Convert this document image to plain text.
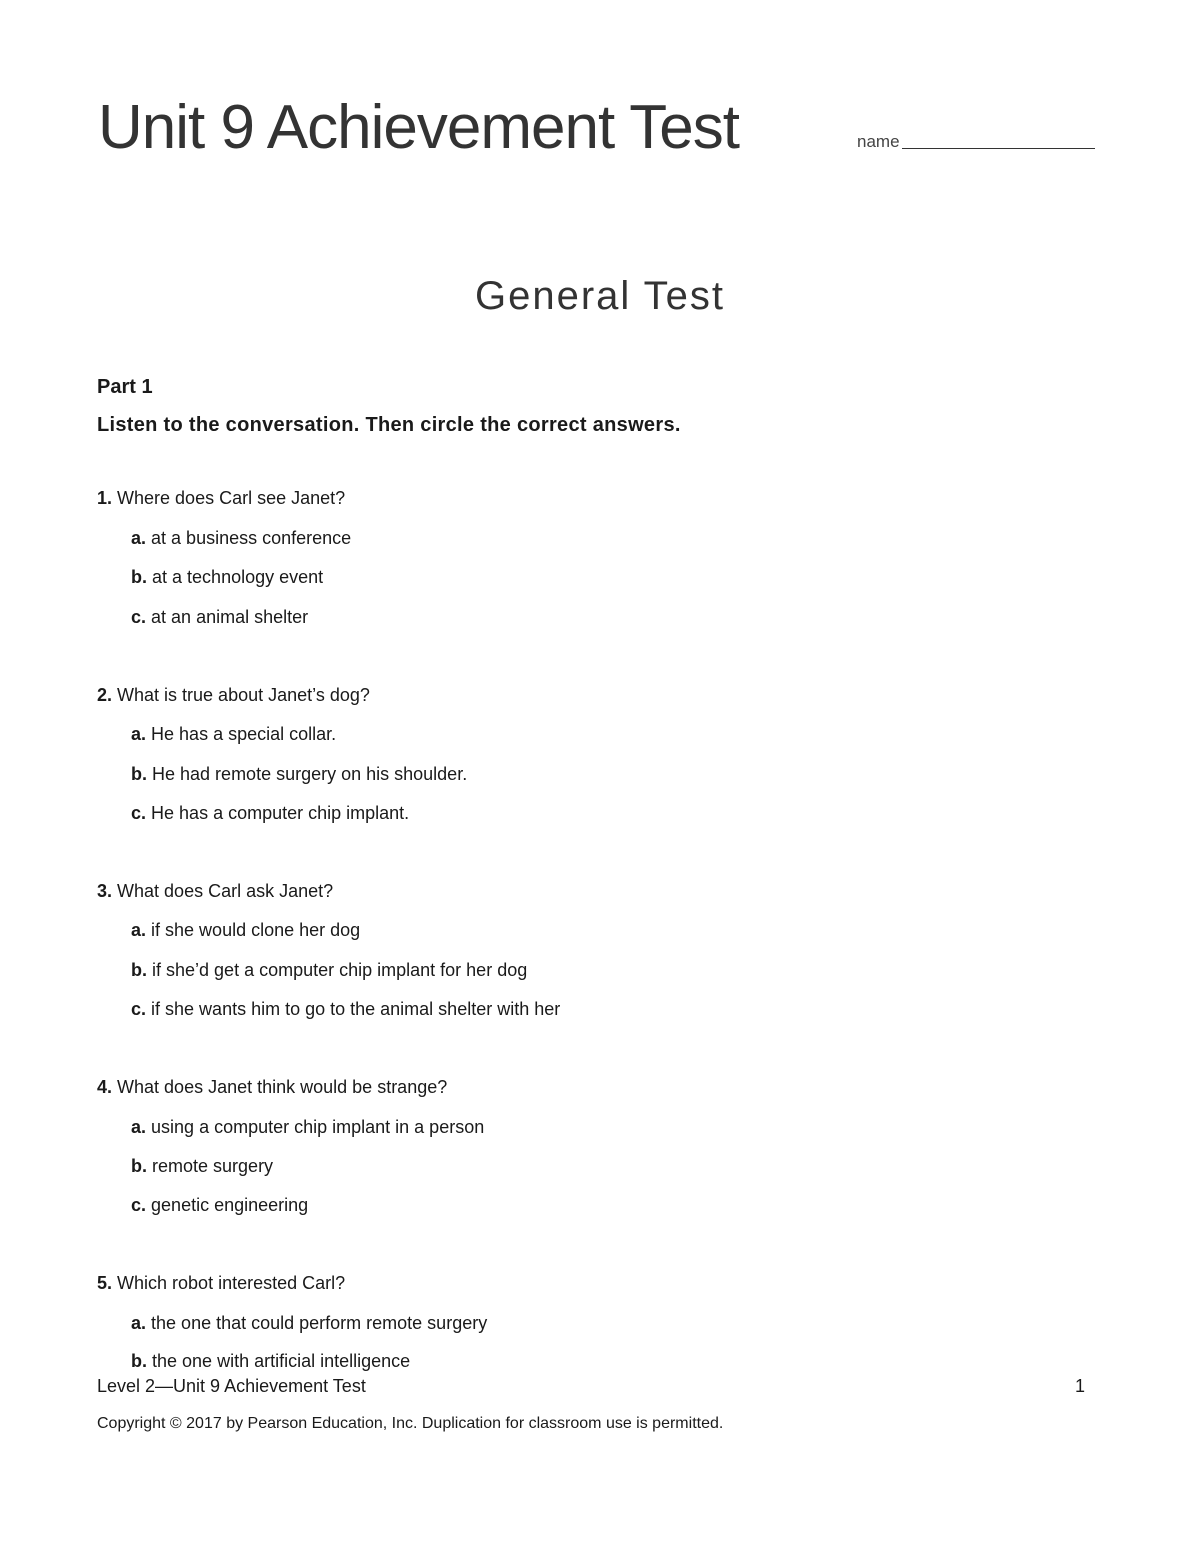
Unit 9 Achievement Test	name
General Test
Part 1
Listen to the conversation. Then circle the correct answers.
1. Where does Carl see Janet?
a. at a business conference
b. at a technology event
c. at an animal shelter
2. What is true about Janet’s dog?
a. He has a special collar.
b. He had remote surgery on his shoulder.
c. He has a computer chip implant.
3. What does Carl ask Janet?
a. if she would clone her dog
b. if she’d get a computer chip implant for her dog
c. if she wants him to go to the animal shelter with her
4. What does Janet think would be strange?
a. using a computer chip implant in a person
b. remote surgery
c. genetic engineering
5. Which robot interested Carl?
a. the one that could perform remote surgery
b. the one with artificial intelligence
Level 2—Unit 9 Achievement Test	1
Copyright © 2017 by Pearson Education, Inc. Duplication for classroom use is permitted.
